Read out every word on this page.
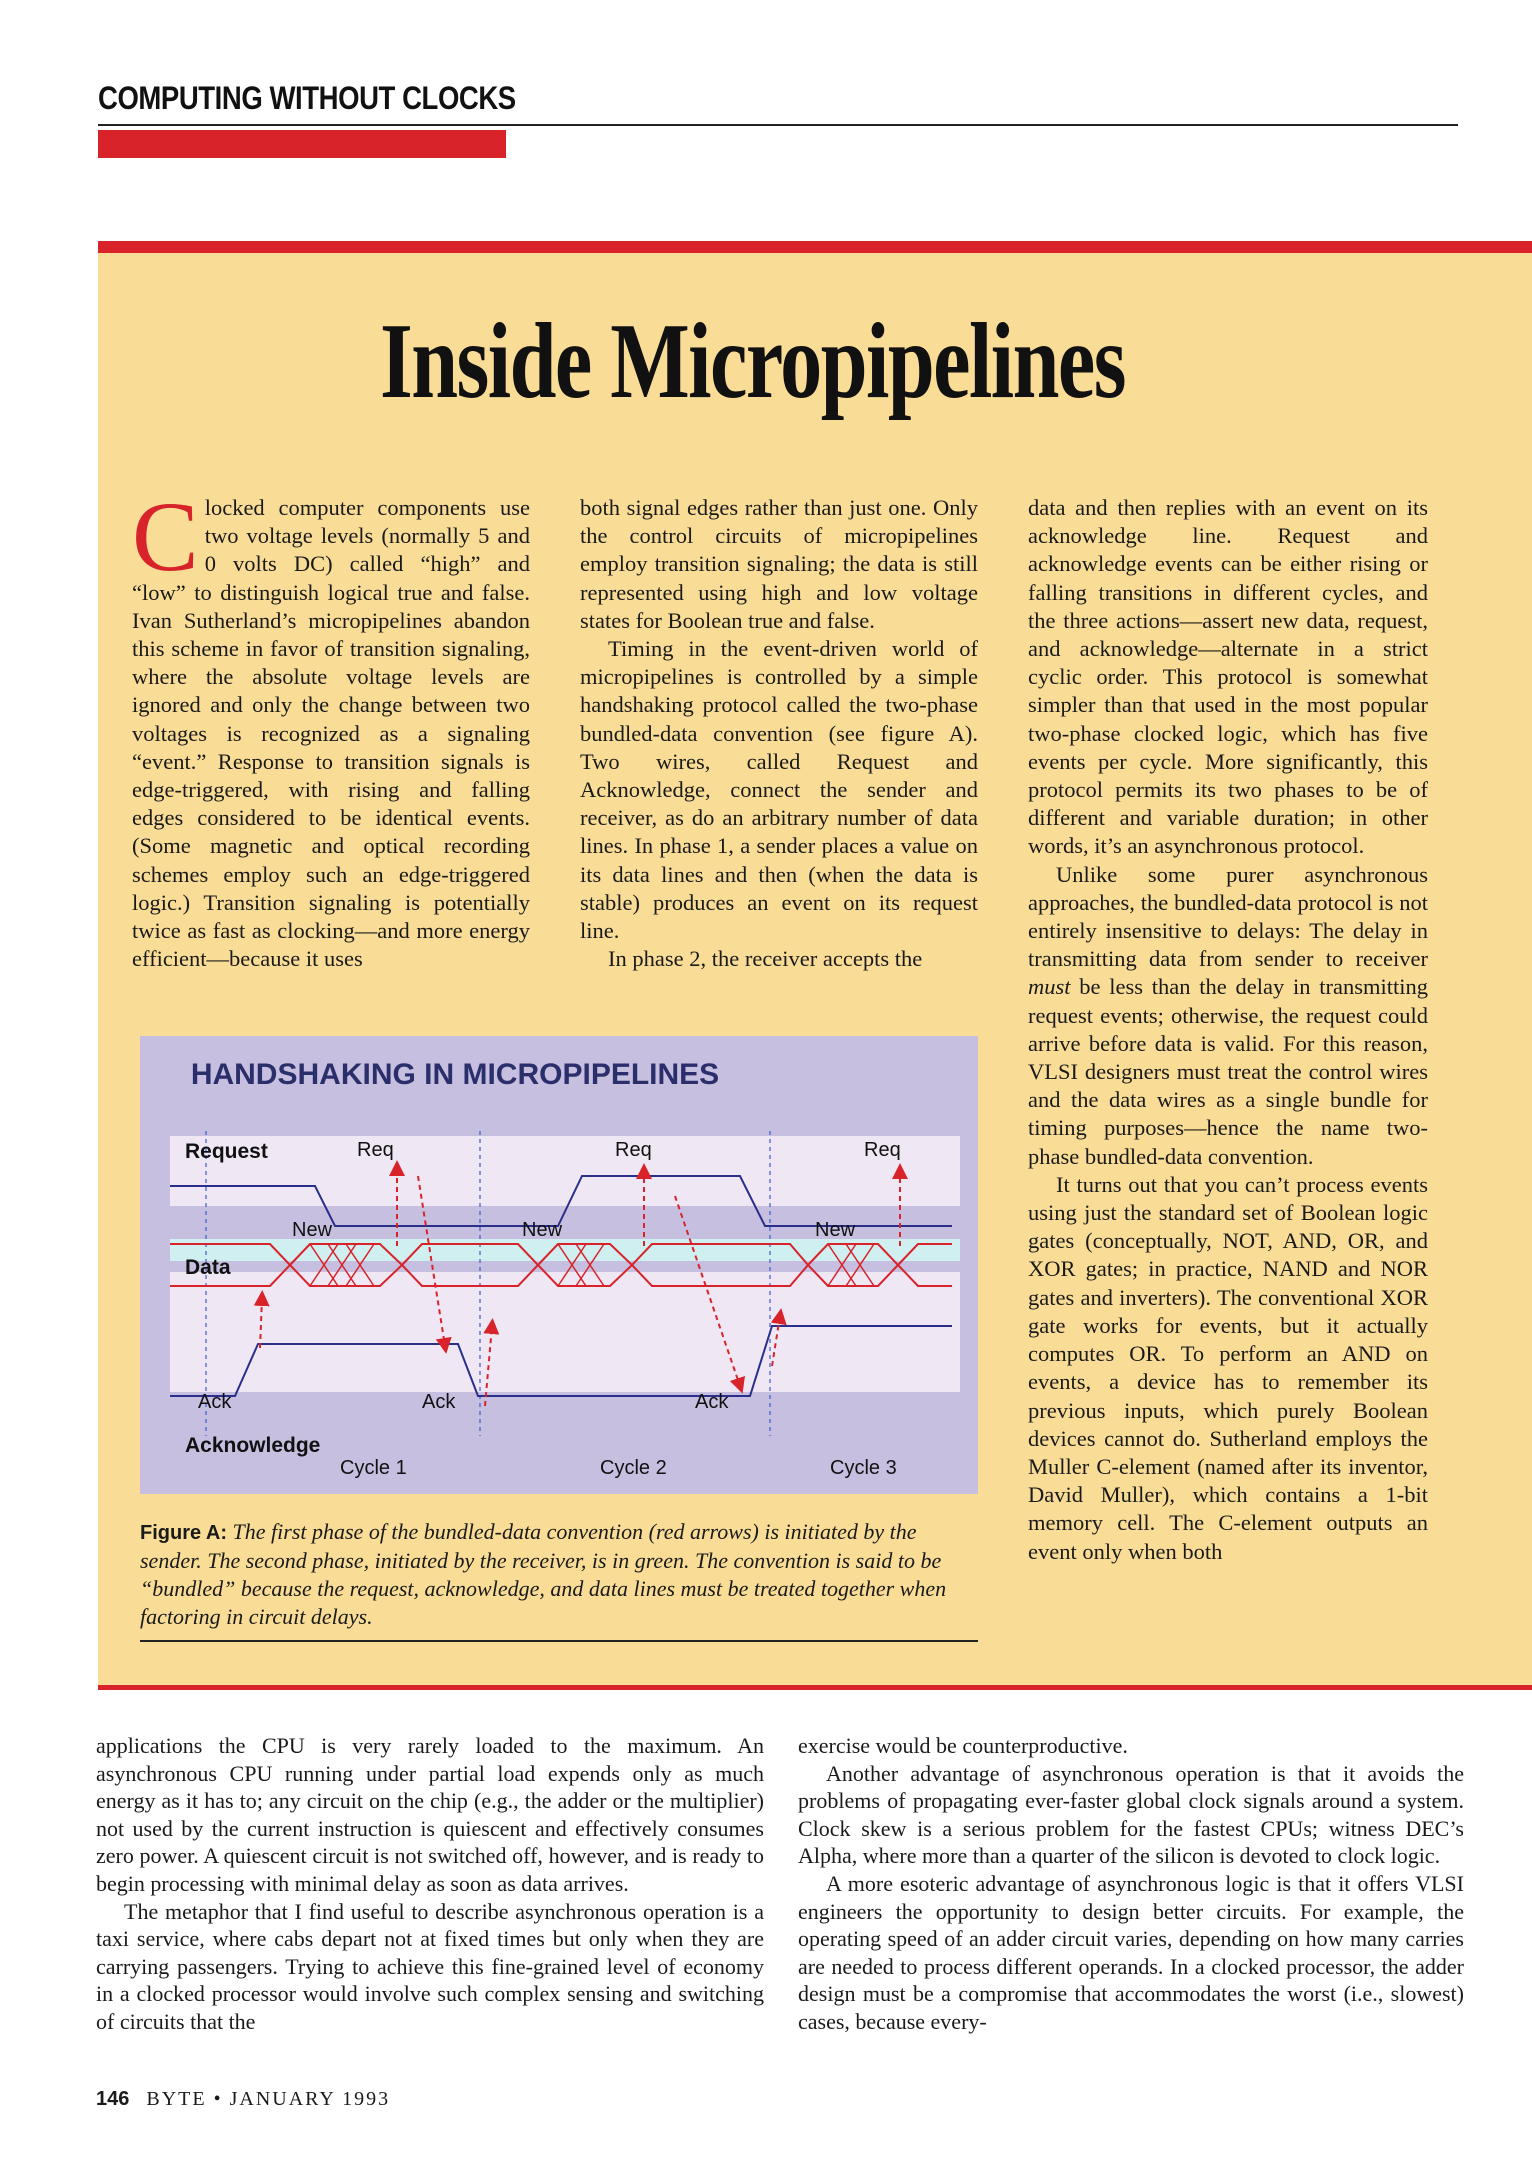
COMPUTING WITHOUT CLOCKS
Inside Micropipelines

Clocked computer components use two voltage levels (normally 5 and 0 volts DC) called “high” and “low” to distinguish logical true and false. Ivan Sutherland’s micropipelines abandon this scheme in favor of transition signaling, where the absolute voltage levels are ignored and only the change between two voltages is recognized as a signaling “event.” Response to transition signals is edge-triggered, with rising and falling edges considered to be identical events. (Some magnetic and optical recording schemes employ such an edge-triggered logic.) Transition signaling is potentially twice as fast as clocking—and more energy efficient—because it uses

both signal edges rather than just one. Only the control circuits of micropipelines employ transition signaling; the data is still represented using high and low voltage states for Boolean true and false.

Timing in the event-driven world of micropipelines is controlled by a simple handshaking protocol called the two-phase bundled-data convention (see figure A). Two wires, called Request and Acknowledge, connect the sender and receiver, as do an arbitrary number of data lines. In phase 1, a sender places a value on its data lines and then (when the data is stable) produces an event on its request line.

In phase 2, the receiver accepts the

data and then replies with an event on its acknowledge line. Request and acknowledge events can be either rising or falling transitions in different cycles, and the three actions—assert new data, request, and acknowledge—alternate in a strict cyclic order. This protocol is somewhat simpler than that used in the most popular two-phase clocked logic, which has five events per cycle. More significantly, this protocol permits its two phases to be of different and variable duration; in other words, it’s an asynchronous protocol.

Unlike some purer asynchronous approaches, the bundled-data protocol is not entirely insensitive to delays: The delay in transmitting data from sender to receiver must be less than the delay in transmitting request events; otherwise, the request could arrive before data is valid. For this reason, VLSI designers must treat the control wires and the data wires as a single bundle for timing purposes—hence the name two-phase bundled-data convention.

It turns out that you can’t process events using just the standard set of Boolean logic gates (conceptually, NOT, AND, OR, and XOR gates; in practice, NAND and NOR gates and inverters). The conventional XOR gate works for events, but it actually computes OR. To perform an AND on events, a device has to remember its previous inputs, which purely Boolean devices cannot do. Sutherland employs the Muller C-element (named after its inventor, David Muller), which contains a 1-bit memory cell. The C-element outputs an event only when both

HANDSHAKING IN MICROPIPELINES
Request	Req	Req	Req
New	New	New
Data
Ack	Ack	Ack
Acknowledge
Cycle 1	Cycle 2	Cycle 3
Figure A: The first phase of the bundled-data convention (red arrows) is initiated by the sender. The second phase, initiated by the receiver, is in green. The convention is said to be “bundled” because the request, acknowledge, and data lines must be treated together when factoring in circuit delays.

applications the CPU is very rarely loaded to the maximum. An asynchronous CPU running under partial load expends only as much energy as it has to; any circuit on the chip (e.g., the adder or the multiplier) not used by the current instruction is quiescent and effectively consumes zero power. A quiescent circuit is not switched off, however, and is ready to begin processing with minimal delay as soon as data arrives.

The metaphor that I find useful to describe asynchronous operation is a taxi service, where cabs depart not at fixed times but only when they are carrying passengers. Trying to achieve this fine-grained level of economy in a clocked processor would involve such complex sensing and switching of circuits that the

exercise would be counterproductive.

Another advantage of asynchronous operation is that it avoids the problems of propagating ever-faster global clock signals around a system. Clock skew is a serious problem for the fastest CPUs; witness DEC’s Alpha, where more than a quarter of the silicon is devoted to clock logic.

A more esoteric advantage of asynchronous logic is that it offers VLSI engineers the opportunity to design better circuits. For example, the operating speed of an adder circuit varies, depending on how many carries are needed to process different operands. In a clocked processor, the adder design must be a compromise that accommodates the worst (i.e., slowest) cases, because every-

146 BYTE • JANUARY 1993
